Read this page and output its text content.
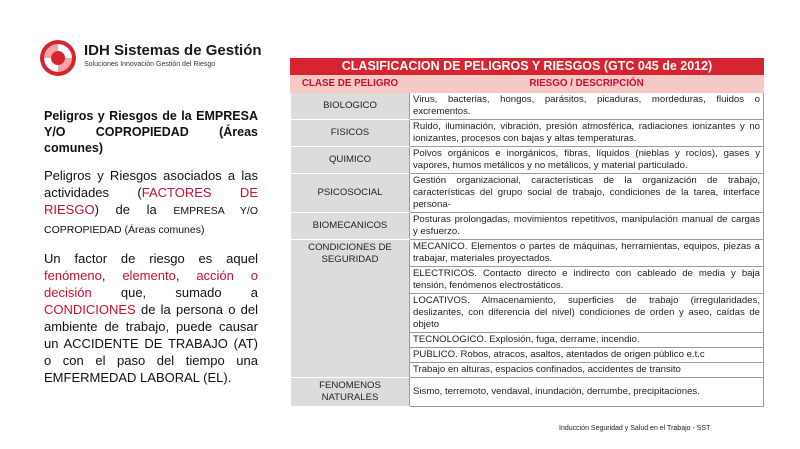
IDH Sistemas de Gestión
Soluciones Innovación Gestión del Riesgo

Peligros y Riesgos de la EMPRESA Y/O COPROPIEDAD (Áreas comunes)

Peligros y Riesgos asociados a las actividades (FACTORES DE RIESGO) de la EMPRESA Y/O COPROPIEDAD (Áreas comunes)

Un factor de riesgo es aquel fenómeno, elemento, acción o decisión que, sumado a CONDICIONES de la persona o del ambiente de trabajo, puede causar un ACCIDENTE DE TRABAJO (AT) o con el paso del tiempo una EMFERMEDAD LABORAL (EL).

CLASIFICACION DE PELIGROS Y RIESGOS (GTC 045 de 2012)
CLASE DE PELIGRO	RIESGO / DESCRIPCIÓN
BIOLOGICO	Virus, bacterias, hongos, parásitos, picaduras, mordeduras, fluidos o excrementos.
FISICOS	Ruido, iluminación, vibración, presión atmosférica, radiaciones ionizantes y no ionizantes, procesos con bajas y altas temperaturas.
QUIMICO	Polvos orgánicos e inorgánicos, fibras, líquidos (nieblas y rocíos), gases y vapores, humos metálicos y no metálicos, y material particulado.
PSICOSOCIAL	Gestión organizacional, características de la organización de trabajo, características del grupo social de trabajo, condiciones de la tarea, interface persona-
BIOMECANICOS	Posturas prolongadas, movimientos repetitivos, manipulación manual de cargas y esfuerzo.
CONDICIONES DE SEGURIDAD	MECANICO. Elementos o partes de máquinas, herramientas, equipos, piezas a trabajar, materiales proyectados.
	ELECTRICOS. Contacto directo e indirecto con cableado de media y baja tensión, fenómenos electrostáticos.
	LOCATIVOS. Almacenamiento, superficies de trabajo (irregularidades, deslizantes, con diferencia del nivel) condiciones de orden y aseo, caídas de objeto
	TECNOLOGICO. Explosión, fuga, derrame, incendio.
	PUBLICO. Robos, atracos, asaltos, atentados de origen público e.t.c
	Trabajo en alturas, espacios confinados, accidentes de transito
FENOMENOS NATURALES	Sismo, terremoto, vendaval, inundación, derrumbe, precipitaciones.
Inducción Seguridad y Salud en el Trabajo - SST
